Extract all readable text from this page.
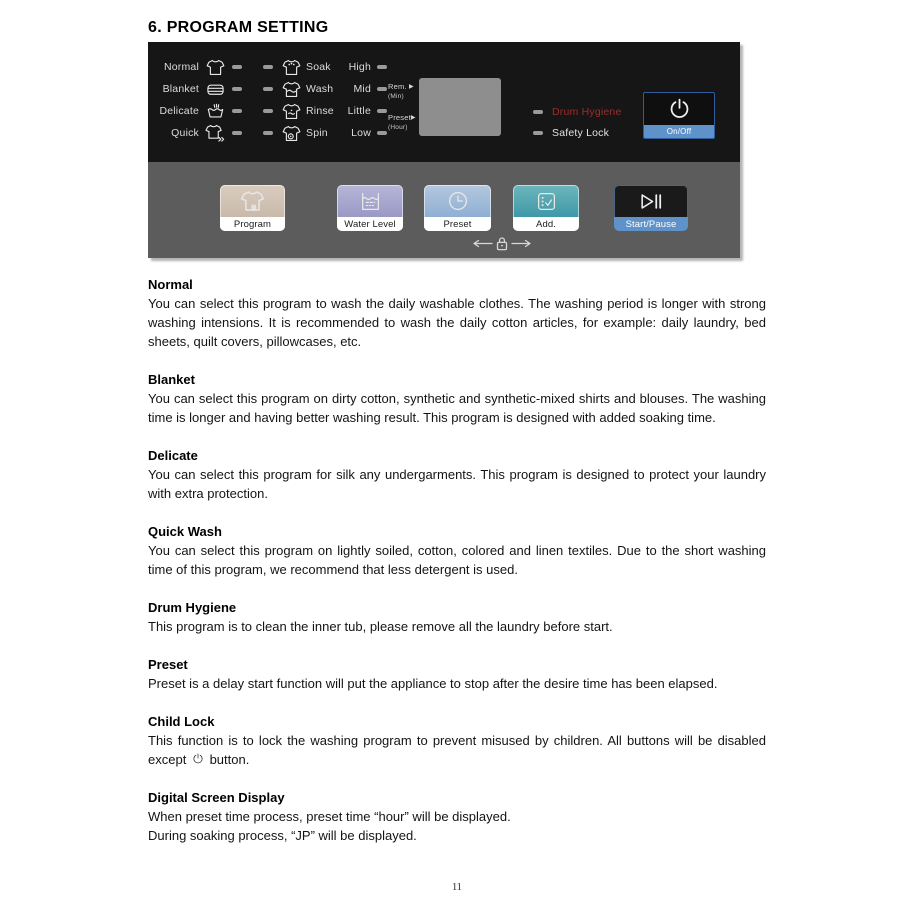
6. PROGRAM SETTING
Normal
Blanket
Delicate
Quick
Soak
Wash
Rinse
Spin
High
Mid
Little
Low
Rem. ▶
(Min)
Preset▶
(Hour)
Drum Hygiene
Safety Lock	On/Off
Program	Water Level	Preset	Add.	Start/Pause
Normal

You can select this program to wash the daily washable clothes. The washing period is longer with strong washing intensions. It is recommended to wash the daily cotton articles, for example: daily laundry, bed sheets, quilt covers, pillowcases, etc.

Blanket

You can select this program on dirty cotton, synthetic and synthetic-mixed shirts and blouses. The washing time is longer and having better washing result. This program is designed with added soaking time.

Delicate

You can select this program for silk any undergarments. This program is designed to protect your laundry with extra protection.

Quick Wash

You can select this program on lightly soiled, cotton, colored and linen textiles. Due to the short washing time of this program, we recommend that less detergent is used.

Drum Hygiene

This program is to clean the inner tub, please remove all the laundry before start.

Preset

Preset is a delay start function will put the appliance to stop after the desire time has been elapsed.

Child Lock

This function is to lock the washing program to prevent misused by children. All buttons will be disabled except button.

Digital Screen Display

When preset time process, preset time “hour” will be displayed.

During soaking process, “JP” will be displayed.

11
